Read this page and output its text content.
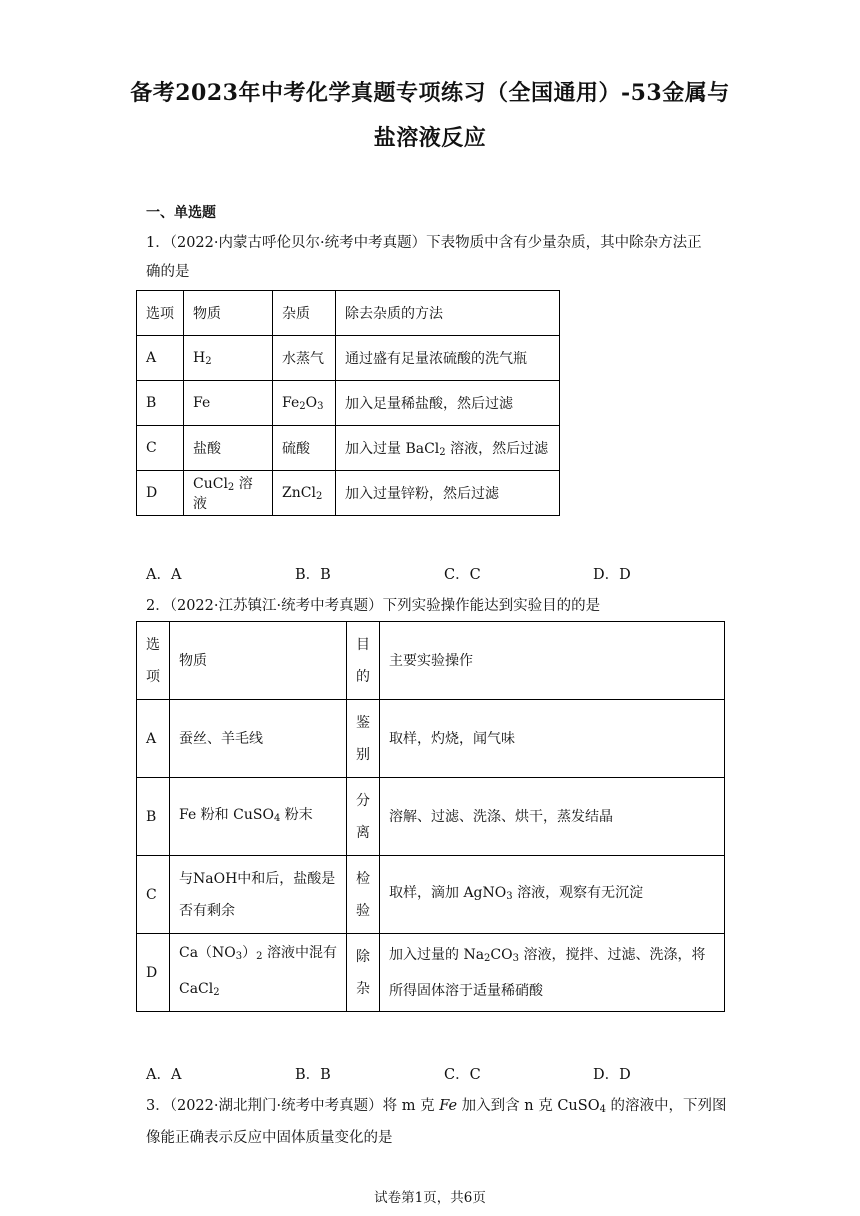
备考2023年中考化学真题专项练习（全国通用）-53金属与
盐溶液反应
一、单选题
1．（2022·内蒙古呼伦贝尔·统考中考真题）下表物质中含有少量杂质，其中除杂方法正确的是
选项	物质	杂质	除去杂质的方法
A	$H_2$	水蒸气	通过盛有足量浓硫酸的洗气瓶
B	Fe	$Fe_2O_3$	加入足量稀盐酸，然后过滤
C	盐酸	硫酸	加入过量 BaCl$_2$ 溶液，然后过滤
D	CuCl$_2$ 溶液	ZnCl$_2$	加入过量锌粉，然后过滤
A．A	B．B	C．C	D．D
2．（2022·江苏镇江·统考中考真题）下列实验操作能达到实验目的的是
选项	物质	目的	主要实验操作
A	蚕丝、羊毛线	鉴别	取样，灼烧，闻气味
B	Fe 粉和 CuSO$_4$ 粉末	分离	溶解、过滤、洗涤、烘干，蒸发结晶
C	与NaOH中和后，盐酸是否有剩余	检验	取样，滴加 AgNO$_3$ 溶液，观察有无沉淀
D	$Ca(NO_3)_2$ 溶液中混有 CaCl$_2$	除杂	加入过量的 $Na_2CO_3$ 溶液，搅拌、过滤、洗涤，将所得固体溶于适量稀硝酸
A．A	B．B	C．C	D．D
3．（2022·湖北荆门·统考中考真题）将 m 克 Fe 加入到含 n 克 CuSO$_4$ 的溶液中，下列图像能正确表示反应中固体质量变化的是
试卷第1页，共6页
